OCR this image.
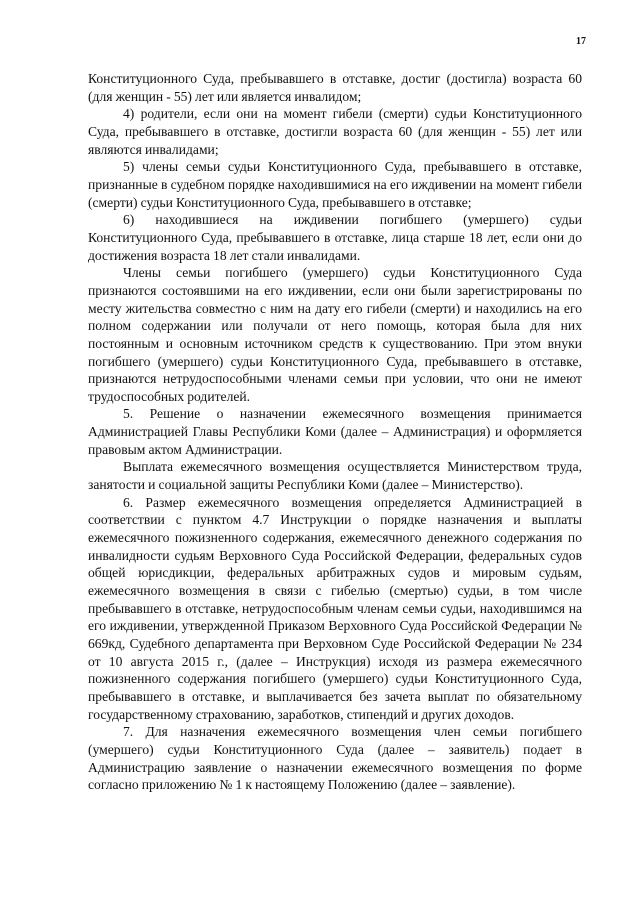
17

Конституционного Суда, пребывавшего в отставке, достиг (достигла) возраста 60 (для женщин - 55) лет или является инвалидом;

4) родители, если они на момент гибели (смерти) судьи Конституционного Суда, пребывавшего в отставке, достигли возраста 60 (для женщин - 55) лет или являются инвалидами;

5) члены семьи судьи Конституционного Суда, пребывавшего в отставке, признанные в судебном порядке находившимися на его иждивении на момент гибели (смерти) судьи Конституционного Суда, пребывавшего в отставке;

6) находившиеся на иждивении погибшего (умершего) судьи Конституционного Суда, пребывавшего в отставке, лица старше 18 лет, если они до достижения возраста 18 лет стали инвалидами.

Члены семьи погибшего (умершего) судьи Конституционного Суда признаются состоявшими на его иждивении, если они были зарегистрированы по месту жительства совместно с ним на дату его гибели (смерти) и находились на его полном содержании или получали от него помощь, которая была для них постоянным и основным источником средств к существованию. При этом внуки погибшего (умершего) судьи Конституционного Суда, пребывавшего в отставке, признаются нетрудоспособными членами семьи при условии, что они не имеют трудоспособных родителей.

5. Решение о назначении ежемесячного возмещения принимается Администрацией Главы Республики Коми (далее – Администрация) и оформляется правовым актом Администрации.

Выплата ежемесячного возмещения осуществляется Министерством труда, занятости и социальной защиты Республики Коми (далее – Министерство).

6. Размер ежемесячного возмещения определяется Администрацией в соответствии с пунктом 4.7 Инструкции о порядке назначения и выплаты ежемесячного пожизненного содержания, ежемесячного денежного содержания по инвалидности судьям Верховного Суда Российской Федерации, федеральных судов общей юрисдикции, федеральных арбитражных судов и мировым судьям, ежемесячного возмещения в связи с гибелью (смертью) судьи, в том числе пребывавшего в отставке, нетрудоспособным членам семьи судьи, находившимся на его иждивении, утвержденной Приказом Верховного Суда Российской Федерации № 669кд, Судебного департамента при Верховном Суде Российской Федерации № 234 от 10 августа 2015 г., (далее – Инструкция) исходя из размера ежемесячного пожизненного содержания погибшего (умершего) судьи Конституционного Суда, пребывавшего в отставке, и выплачивается без зачета выплат по обязательному государственному страхованию, заработков, стипендий и других доходов.

7. Для назначения ежемесячного возмещения член семьи погибшего (умершего) судьи Конституционного Суда (далее – заявитель) подает в Администрацию заявление о назначении ежемесячного возмещения по форме согласно приложению № 1 к настоящему Положению (далее – заявление).
